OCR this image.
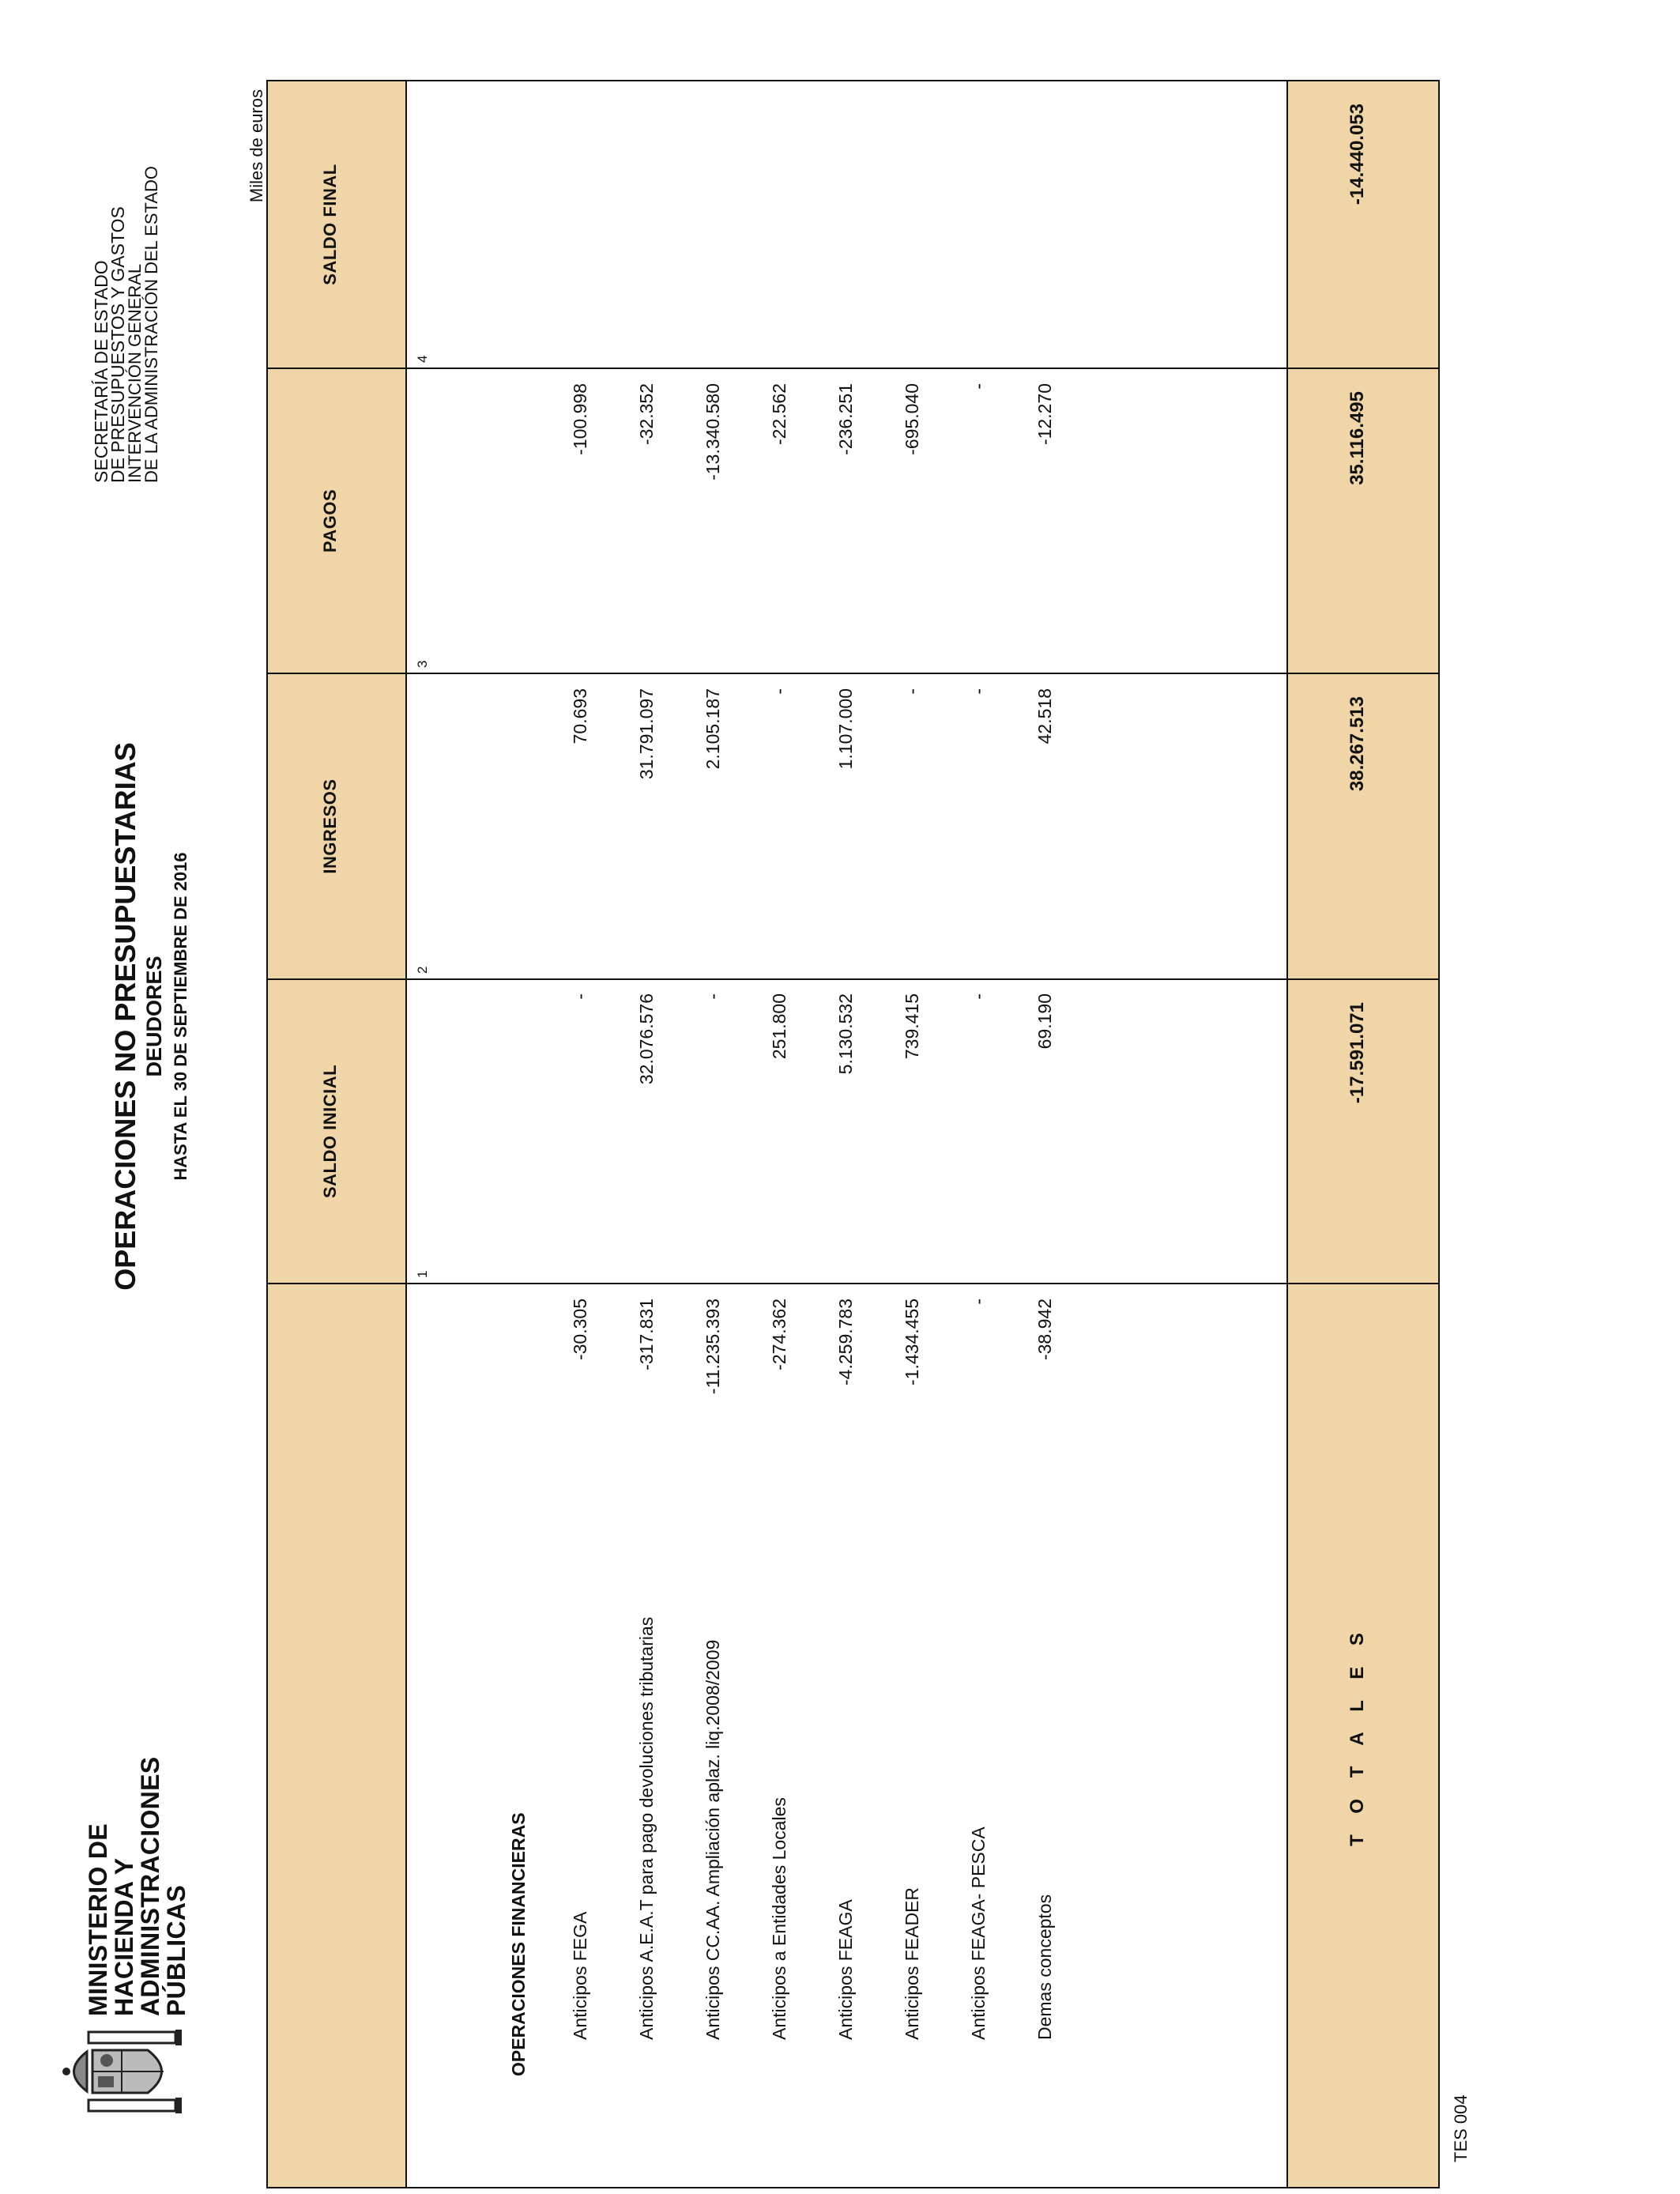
MINISTERIO DE
HACIENDA Y
ADMINISTRACIONES
PÚBLICAS
OPERACIONES NO PRESUPUESTARIAS DEUDORES HASTA EL 30 DE SEPTIEMBRE DE 2016
SECRETARÍA DE ESTADO
DE PRESUPUESTOS Y GASTOS
INTERVENCIÓN GENERAL
DE LA ADMINISTRACIÓN DEL ESTADO
Miles de euros
SALDO INICIAL
INGRESOS
PAGOS
SALDO FINAL
1
2
3
4
OPERACIONES FINANCIERAS Anticipos FEGA
-30.305
-
70.693
-100.998
Anticipos A.E.A.T para pago devoluciones tributarias
-317.831
32.076.576
31.791.097
-32.352
Anticipos CC.AA. Ampliación aplaz. liq.2008/2009
-11.235.393
-
2.105.187
-13.340.580
Anticipos a Entidades Locales
-274.362
251.800
-
-22.562
Anticipos FEAGA
-4.259.783
5.130.532
1.107.000
-236.251
Anticipos FEADER
-1.434.455
739.415
-
-695.040
Anticipos FEAGA- PESCA
-
-
-
-
Demas conceptos
-38.942
69.190
42.518
-12.270
T O T A L E S
-17.591.071
38.267.513
35.116.495
-14.440.053
TES 004
